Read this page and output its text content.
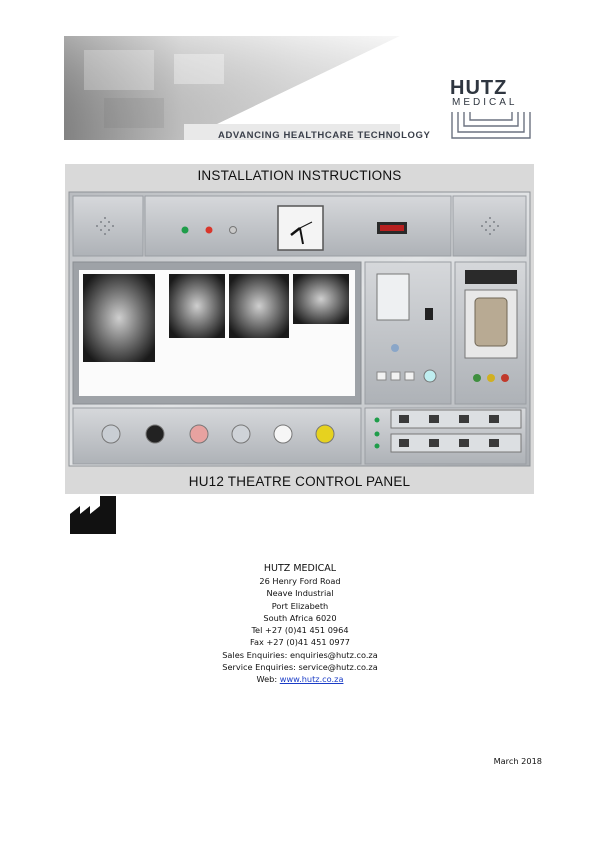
ADVANCING HEALTHCARE TECHNOLOGY
HUTZ
MEDICAL
INSTALLATION INSTRUCTIONS
HU12 THEATRE CONTROL PANEL
HUTZ MEDICAL
26 Henry Ford Road
Neave Industrial
Port Elizabeth
South Africa 6020
Tel +27 (0)41 451 0964
Fax +27 (0)41 451 0977
Sales Enquiries: enquiries@hutz.co.za
Service Enquiries: service@hutz.co.za
Web: www.hutz.co.za
March 2018
